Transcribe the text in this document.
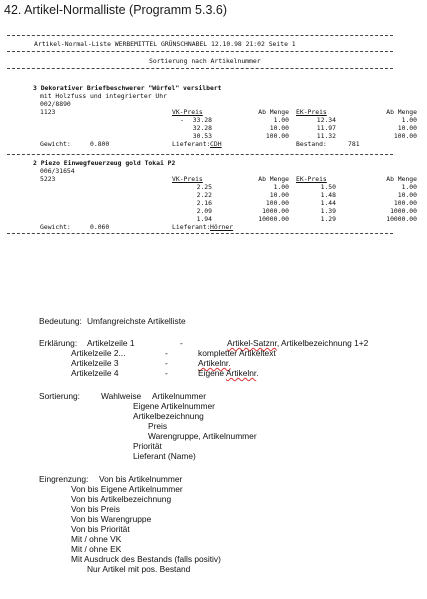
42. Artikel-Normalliste (Programm 5.3.6)
Artikel-Normal-Liste WERBEMITTEL GRÜNSCHNABEL 12.10.98 21:02 Seite 1
Sortierung nach Artikelnummer
3 Dekorativer Briefbeschwerer "Würfel" versilbert
mit Holzfuss und integrierter Uhr
002/8890
1123	VK-Preis	Ab Menge EK-Preis	Ab Menge
-	33.28	1.00	12.34	1.00
32.28	10.00	11.97	10.00
30.53	100.00	11.32	100.00
Gewicht:	0.800	Lieferant: CDH	Bestand:	781
2 Piezo Einwegfeuerzeug gold Tokai P2
006/31654
5223	VK-Preis	Ab Menge EK-Preis	Ab Menge
2.25	1.00	1.50	1.00
2.22	10.00	1.48	10.00
2.16	100.00	1.44	100.00
2.09	1000.00	1.39	1000.00
1.94	10000.00	1.29	10000.00
Gewicht:	0.060	Lieferant: Hörner
Bedeutung: Umfangreichste Artikelliste
Erklärung: Artikelzeile 1	-	Artikel-Satznr, Artikelbezeichnung 1+2
Artikelzeile 2...	-	kompletter Artikeltext
Artikelzeile 3	-	Artikelnr.
Artikelzeile 4	-	Eigene Artikelnr.
Sortierung:	Wahlweise Artikelnummer
Eigene Artikelnummer
Artikelbezeichnung
Preis
Warengruppe, Artikelnummer
Priorität
Lieferant (Name)
Eingrenzung: Von bis Artikelnummer
Von bis Eigene Artikelnummer
Von bis Artikelbezeichnung
Von bis Preis
Von bis Warengruppe
Von bis Priorität
Mit / ohne VK
Mit / ohne EK
Mit Ausdruck des Bestands (falls positiv)
Nur Artikel mit pos. Bestand
